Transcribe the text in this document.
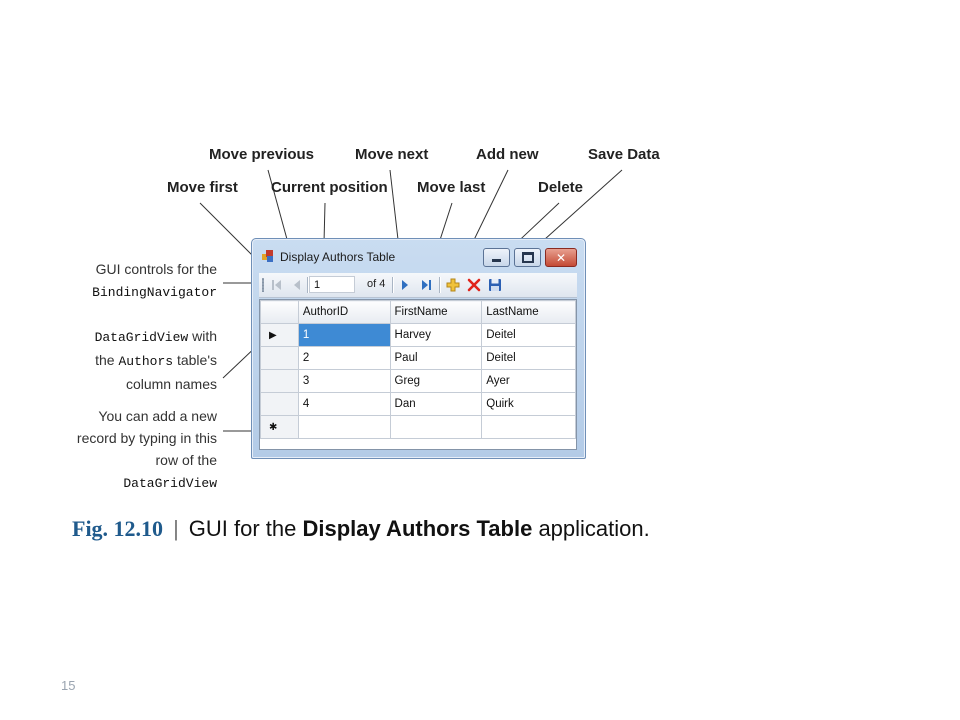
Move previous	Move next	Add new	Save Data
Move first Current position Move last	Delete
GUI controls for the
BindingNavigator
DataGridView with
the Authors table's
column names
You can add a new
record by typing in this
row of the
DataGridView
Display Authors Table	✕
1
of 4
	AuthorID	FirstName	LastName
▶	1	Harvey	Deitel
	2	Paul	Deitel
	3	Greg	Ayer
	4	Dan	Quirk
✱			
Fig. 12.10 | GUI for the Display Authors Table application.
15
